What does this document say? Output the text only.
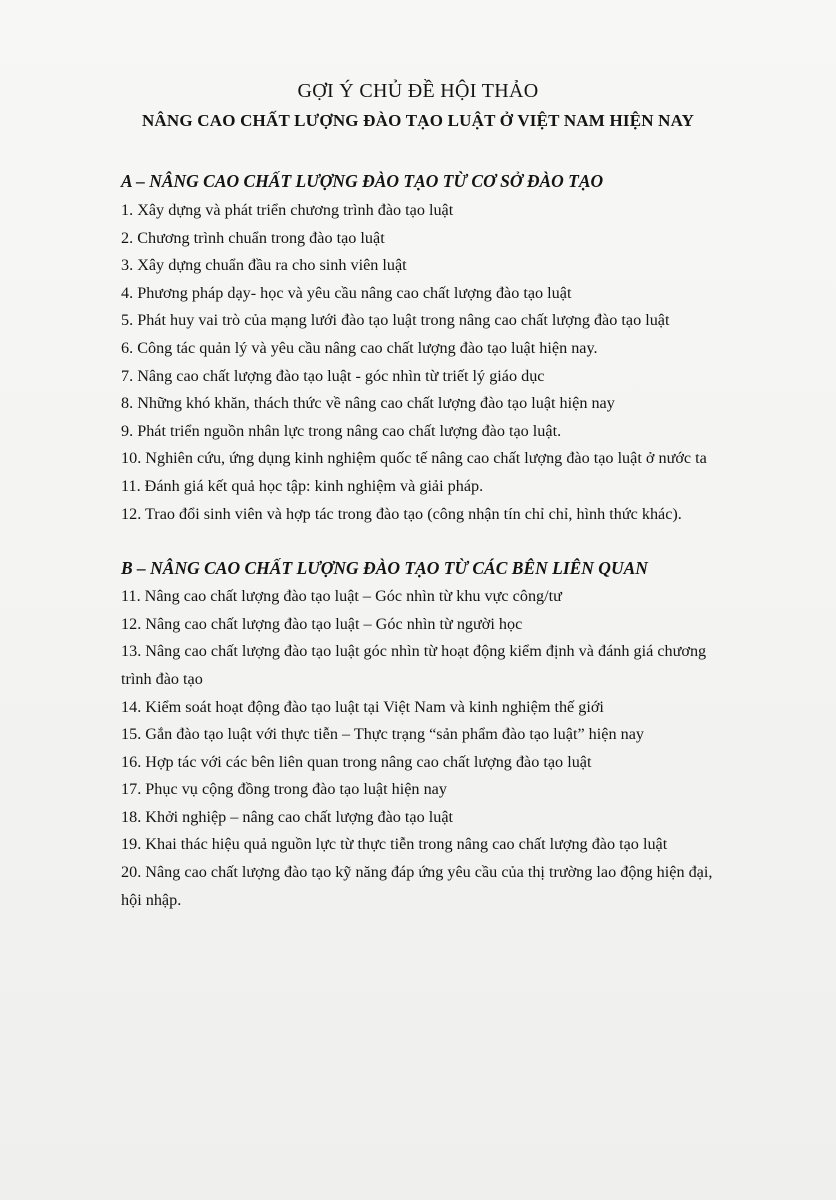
GỢI Ý CHỦ ĐỀ HỘI THẢO
NÂNG CAO CHẤT LƯỢNG ĐÀO TẠO LUẬT Ở VIỆT NAM HIỆN NAY

A – NÂNG CAO CHẤT LƯỢNG ĐÀO TẠO TỪ CƠ SỞ ĐÀO TẠO

1. Xây dựng và phát triển chương trình đào tạo luật

2. Chương trình chuẩn trong đào tạo luật

3. Xây dựng chuẩn đầu ra cho sinh viên luật

4. Phương pháp dạy- học và yêu cầu nâng cao chất lượng đào tạo luật

5. Phát huy vai trò của mạng lưới đào tạo luật trong nâng cao chất lượng đào tạo luật

6. Công tác quản lý và yêu cầu nâng cao chất lượng đào tạo luật hiện nay.

7. Nâng cao chất lượng đào tạo luật - góc nhìn từ triết lý giáo dục

8. Những khó khăn, thách thức về nâng cao chất lượng đào tạo luật hiện nay

9. Phát triển nguồn nhân lực trong nâng cao chất lượng đào tạo luật.

10. Nghiên cứu, ứng dụng kinh nghiệm quốc tế nâng cao chất lượng đào tạo luật ở nước ta

11. Đánh giá kết quả học tập: kinh nghiệm và giải pháp.

12. Trao đổi sinh viên và hợp tác trong đào tạo (công nhận tín chỉ chỉ, hình thức khác).

B – NÂNG CAO CHẤT LƯỢNG ĐÀO TẠO TỪ CÁC BÊN LIÊN QUAN

11. Nâng cao chất lượng đào tạo luật – Góc nhìn từ khu vực công/tư

12. Nâng cao chất lượng đào tạo luật – Góc nhìn từ người học

13. Nâng cao chất lượng đào tạo luật góc nhìn từ hoạt động kiểm định và đánh giá chương trình đào tạo

14. Kiểm soát hoạt động đào tạo luật tại Việt Nam và kinh nghiệm thế giới

15. Gắn đào tạo luật với thực tiễn – Thực trạng “sản phẩm đào tạo luật” hiện nay

16. Hợp tác với các bên liên quan trong nâng cao chất lượng đào tạo luật

17. Phục vụ cộng đồng trong đào tạo luật hiện nay

18. Khởi nghiệp – nâng cao chất lượng đào tạo luật

19. Khai thác hiệu quả nguồn lực từ thực tiễn trong nâng cao chất lượng đào tạo luật

20. Nâng cao chất lượng đào tạo kỹ năng đáp ứng yêu cầu của thị trường lao động hiện đại, hội nhập.
